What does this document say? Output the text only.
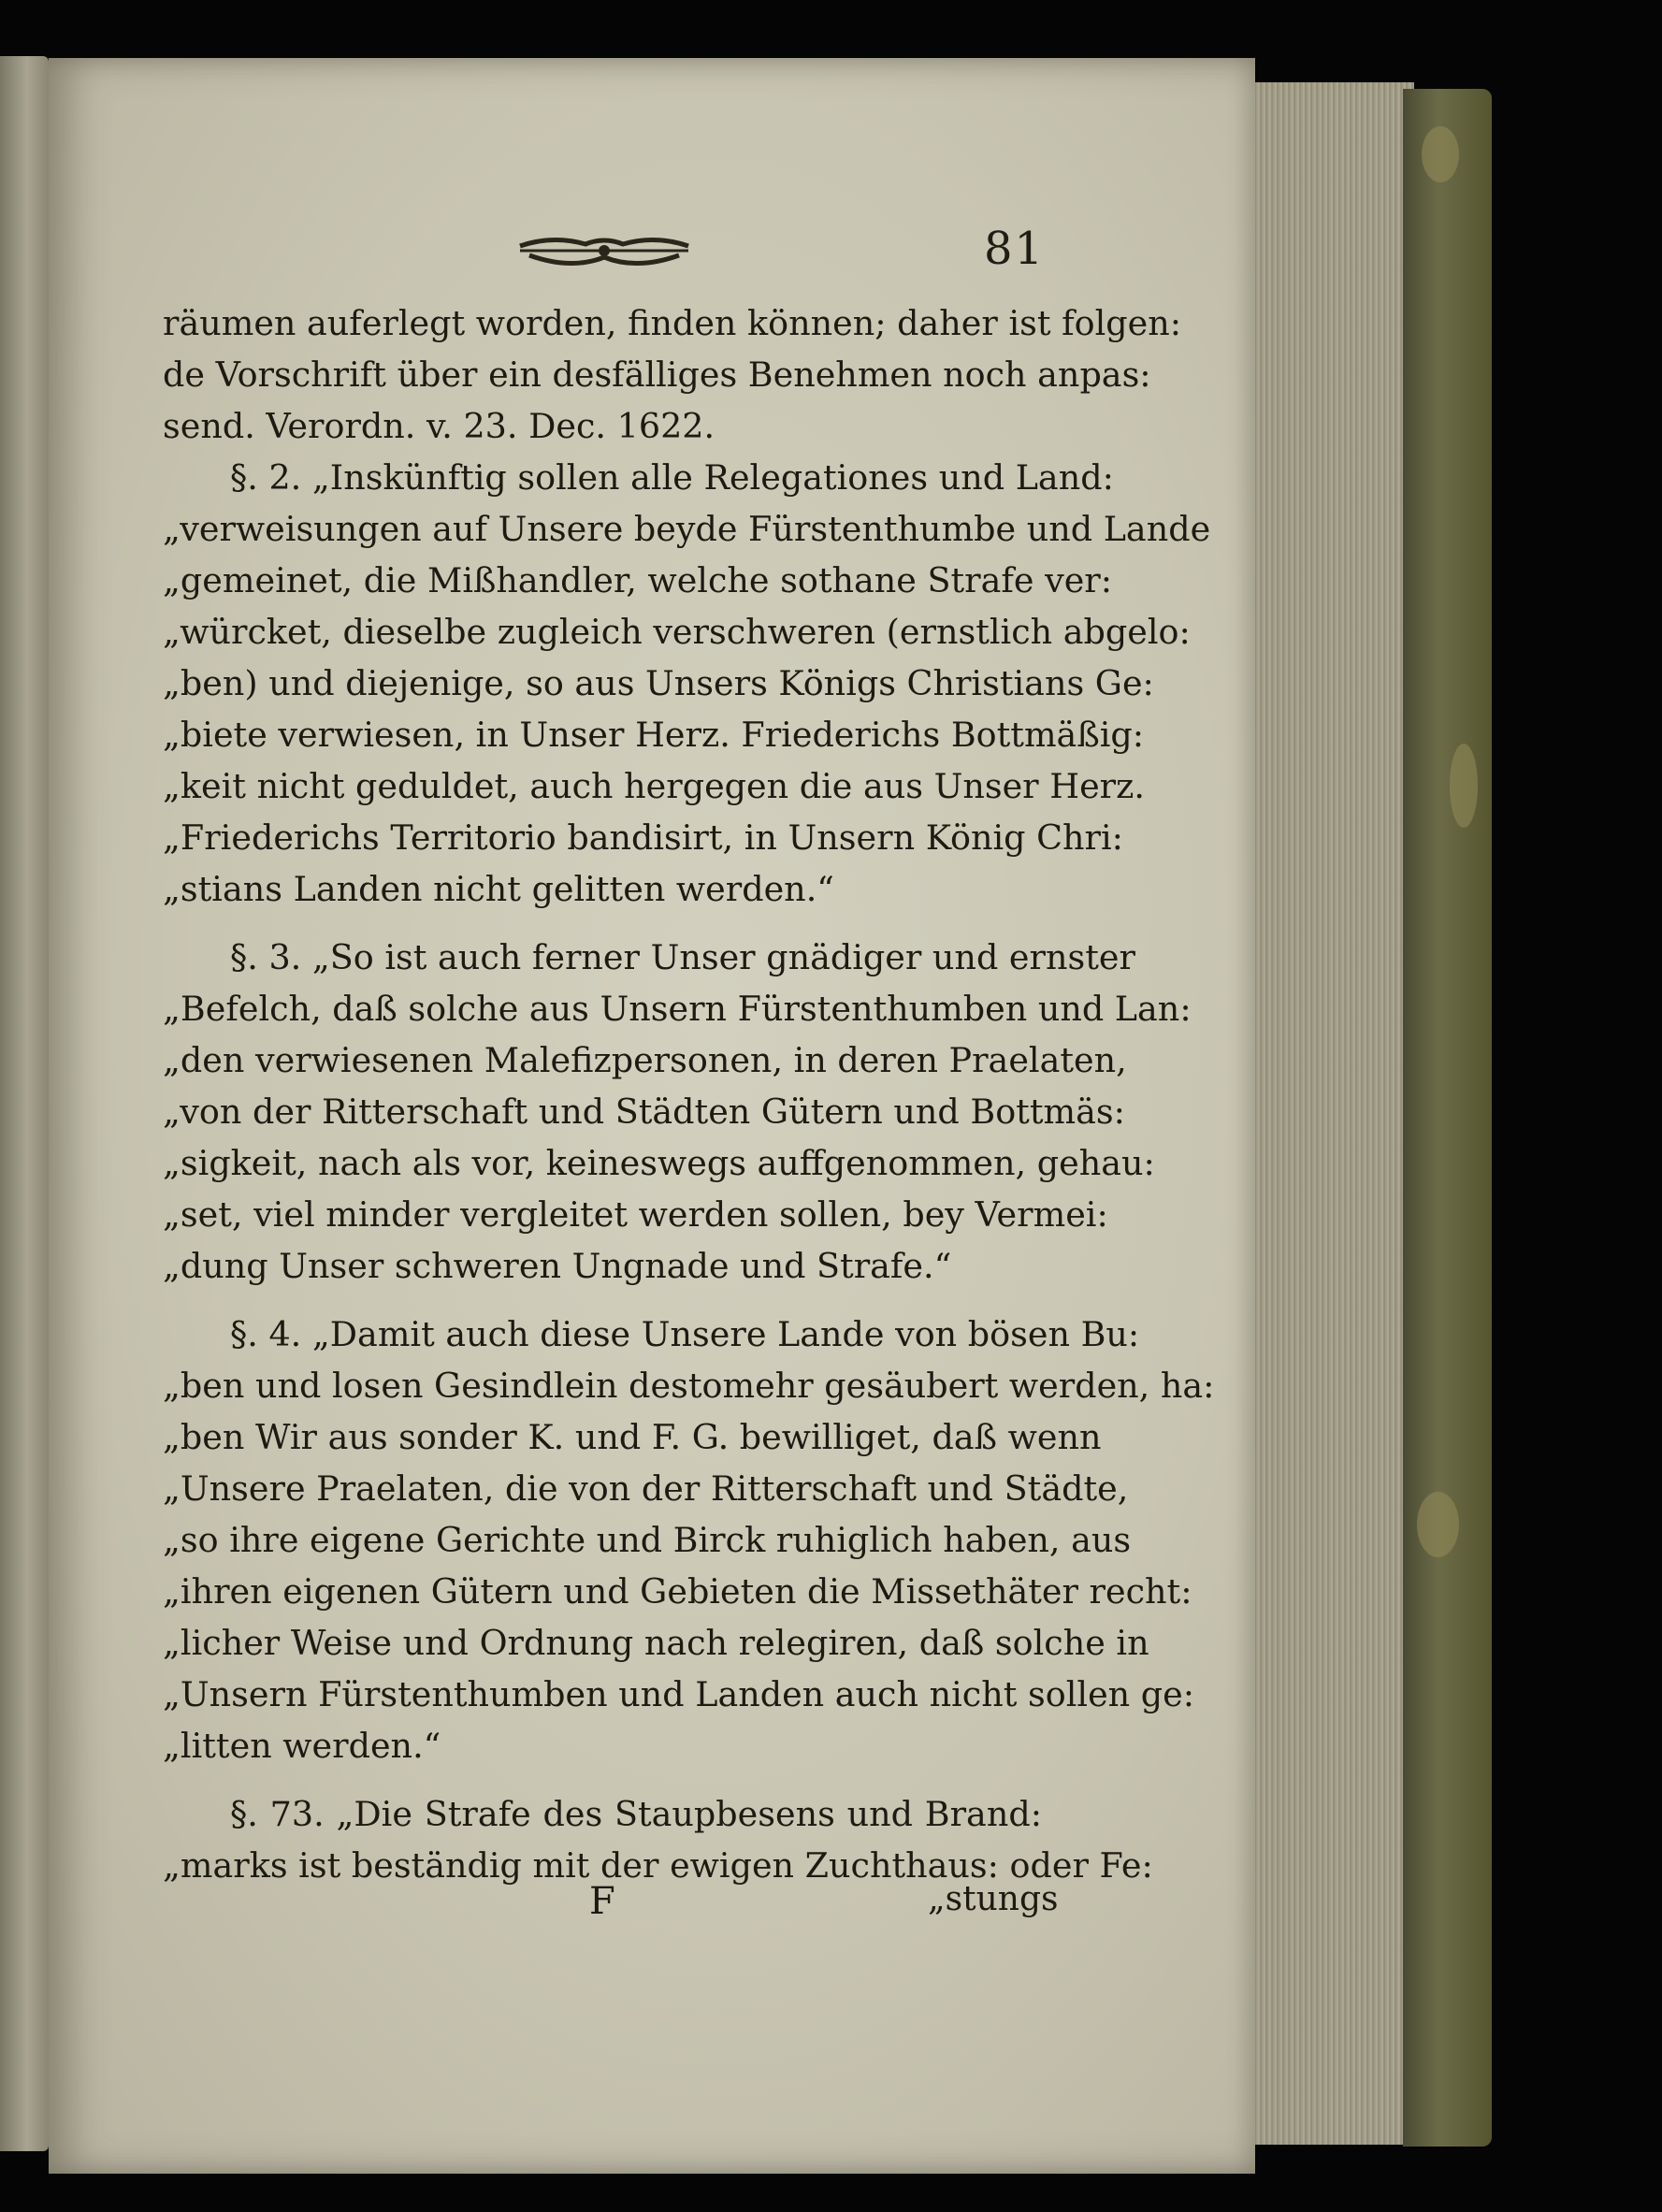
81
räumen auferlegt worden, finden können; daher ist folgen:
de Vorschrift über ein desfälliges Benehmen noch anpas:
send. Verordn. v. 23. Dec. 1622.
§. 2. „Inskünftig sollen alle Relegationes und Land:
„verweisungen auf Unsere beyde Fürstenthumbe und Lande
„gemeinet, die Mißhandler, welche sothane Strafe ver:
„würcket, dieselbe zugleich verschweren (ernstlich abgelo:
„ben) und diejenige, so aus Unsers Königs Christians Ge:
„biete verwiesen, in Unser Herz. Friederichs Bottmäßig:
„keit nicht geduldet, auch hergegen die aus Unser Herz.
„Friederichs Territorio bandisirt, in Unsern König Chri:
„stians Landen nicht gelitten werden.“
§. 3. „So ist auch ferner Unser gnädiger und ernster
„Befelch, daß solche aus Unsern Fürstenthumben und Lan:
„den verwiesenen Malefizpersonen, in deren Praelaten,
„von der Ritterschaft und Städten Gütern und Bottmäs:
„sigkeit, nach als vor, keineswegs auffgenommen, gehau:
„set, viel minder vergleitet werden sollen, bey Vermei:
„dung Unser schweren Ungnade und Strafe.“
§. 4. „Damit auch diese Unsere Lande von bösen Bu:
„ben und losen Gesindlein destomehr gesäubert werden, ha:
„ben Wir aus sonder K. und F. G. bewilliget, daß wenn
„Unsere Praelaten, die von der Ritterschaft und Städte,
„so ihre eigene Gerichte und Birck ruhiglich haben, aus
„ihren eigenen Gütern und Gebieten die Missethäter recht:
„licher Weise und Ordnung nach relegiren, daß solche in
„Unsern Fürstenthumben und Landen auch nicht sollen ge:
„litten werden.“
§. 73. „Die Strafe des Staupbesens und Brand:
„marks ist beständig mit der ewigen Zuchthaus: oder Fe:
F	„stungs
